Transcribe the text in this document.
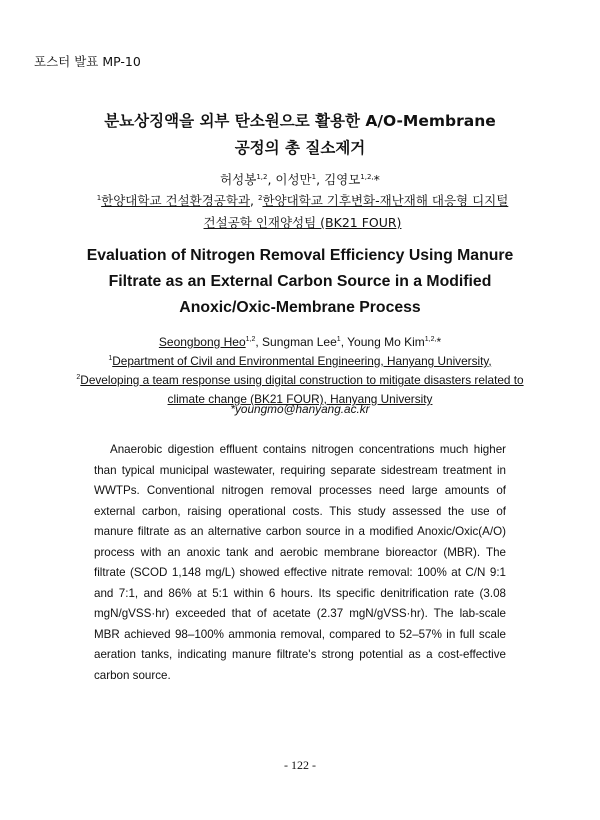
포스터 발표 MP-10
분뇨상징액을 외부 탄소원으로 활용한 A/O-Membrane
공정의 총 질소제거
허성봉$^{1,2}$, 이성만$^1$, 김영모$^{1,2,}$*
$^1$한양대학교 건설환경공학과, $^2$한양대학교 기후변화-재난재해 대응형 디지털 건설공학 인재양성팀 (BK21 FOUR)
Evaluation of Nitrogen Removal Efficiency Using Manure
Filtrate as an External Carbon Source in a Modified
Anoxic/Oxic-Membrane Process
Seongbong Heo$^{1,2}$, Sungman Lee$^1$, Young Mo Kim$^{1,2,}$*
$^1$Department of Civil and Environmental Engineering, Hanyang University,
$^2$Developing a team response using digital construction to mitigate disasters related to climate change (BK21 FOUR), Hanyang University
*youngmo@hanyang.ac.kr

Anaerobic digestion effluent contains nitrogen concentrations much higher than typical municipal wastewater, requiring separate sidestream treatment in WWTPs. Conventional nitrogen removal processes need large amounts of external carbon, raising operational costs. This study assessed the use of manure filtrate as an alternative carbon source in a modified Anoxic/Oxic(A/O) process with an anoxic tank and aerobic membrane bioreactor (MBR). The filtrate (SCOD 1,148 mg/L) showed effective nitrate removal: 100% at C/N 9:1 and 7:1, and 86% at 5:1 within 6 hours. Its specific denitrification rate (3.08 mgN/gVSS·hr) exceeded that of acetate (2.37 mgN/gVSS·hr). The lab-scale MBR achieved 98–100% ammonia removal, compared to 52–57% in full scale aeration tanks, indicating manure filtrate's strong potential as a cost-effective carbon source.

- 122 -
